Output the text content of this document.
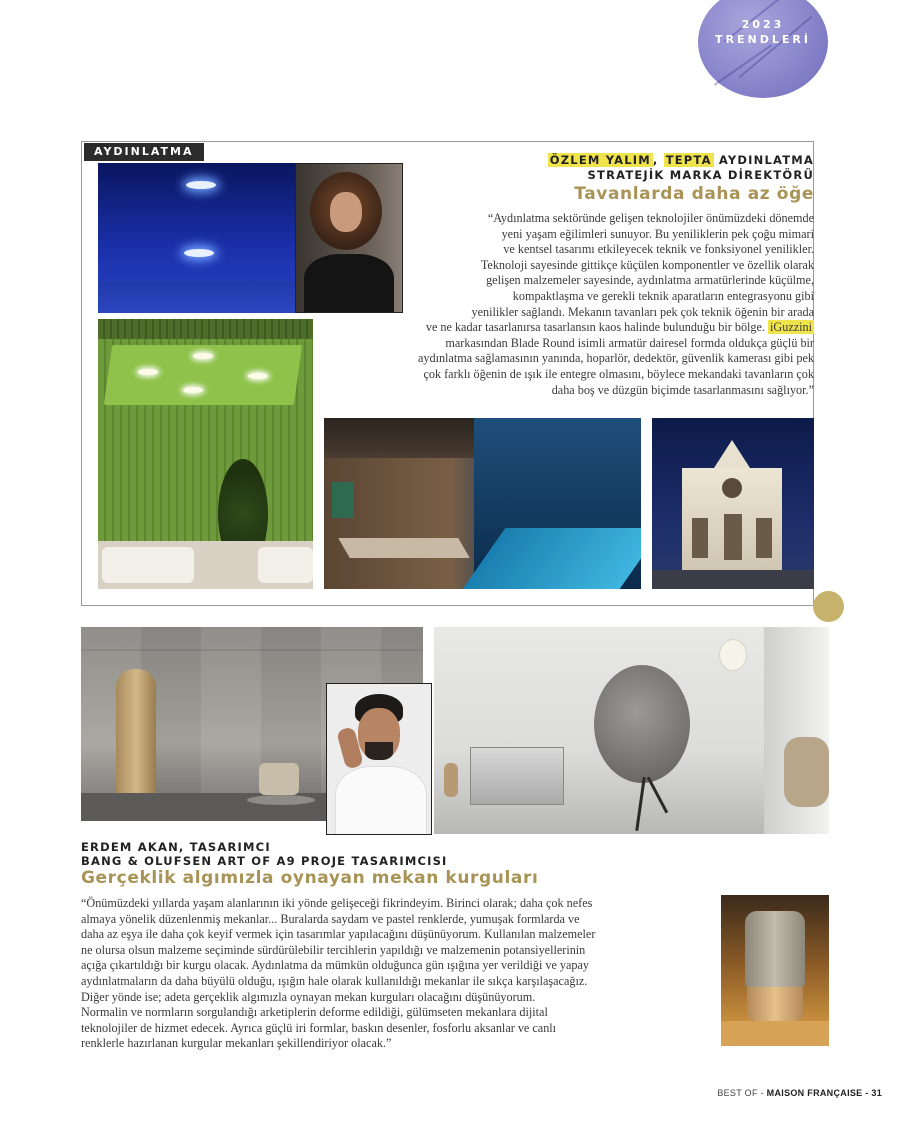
2023
TRENDLERİ
AYDINLATMA
ÖZLEM YALIM , TEPTA AYDINLATMA
STRATEJİK MARKA DİREKTÖRÜ
Tavanlarda daha az öğe
“Aydınlatma sektöründe gelişen teknolojiler önümüzdeki dönemde
yeni yaşam eğilimleri sunuyor. Bu yeniliklerin pek çoğu mimari
ve kentsel tasarımı etkileyecek teknik ve fonksiyonel yenilikler.
Teknoloji sayesinde gittikçe küçülen komponentler ve özellik olarak
gelişen malzemeler sayesinde, aydınlatma armatürlerinde küçülme,
kompaktlaşma ve gerekli teknik aparatların entegrasyonu gibi
yenilikler sağlandı. Mekanın tavanları pek çok teknik öğenin bir arada
ve ne kadar tasarlanırsa tasarlansın kaos halinde bulunduğu bir bölge. iGuzzini
markasından Blade Round isimli armatür dairesel formda oldukça güçlü bir
aydınlatma sağlamasının yanında, hoparlör, dedektör, güvenlik kamerası gibi pek
çok farklı öğenin de ışık ile entegre olmasını, böylece mekandaki tavanların çok
daha boş ve düzgün biçimde tasarlanmasını sağlıyor.”
ERDEM AKAN, TASARIMCI
BANG & OLUFSEN ART OF A9 PROJE TASARIMCISI
Gerçeklik algımızla oynayan mekan kurguları
“Önümüzdeki yıllarda yaşam alanlarının iki yönde gelişeceği fikrindeyim. Birinci olarak; daha çok nefes
almaya yönelik düzenlenmiş mekanlar... Buralarda saydam ve pastel renklerde, yumuşak formlarda ve
daha az eşya ile daha çok keyif vermek için tasarımlar yapılacağını düşünüyorum. Kullanılan malzemeler
ne olursa olsun malzeme seçiminde sürdürülebilir tercihlerin yapıldığı ve malzemenin potansiyellerinin
açığa çıkartıldığı bir kurgu olacak. Aydınlatma da mümkün olduğunca gün ışığına yer verildiği ve yapay
aydınlatmaların da daha büyülü olduğu, ışığın hale olarak kullanıldığı mekanlar ile sıkça karşılaşacağız.
Diğer yönde ise; adeta gerçeklik algımızla oynayan mekan kurguları olacağını düşünüyorum.
Normalin ve normların sorgulandığı arketiplerin deforme edildiği, gülümseten mekanlara dijital
teknolojiler de hizmet edecek. Ayrıca güçlü iri formlar, baskın desenler, fosforlu aksanlar ve canlı
renklerle hazırlanan kurgular mekanları şekillendiriyor olacak.”
BEST OF - MAISON FRANÇAISE - 31
